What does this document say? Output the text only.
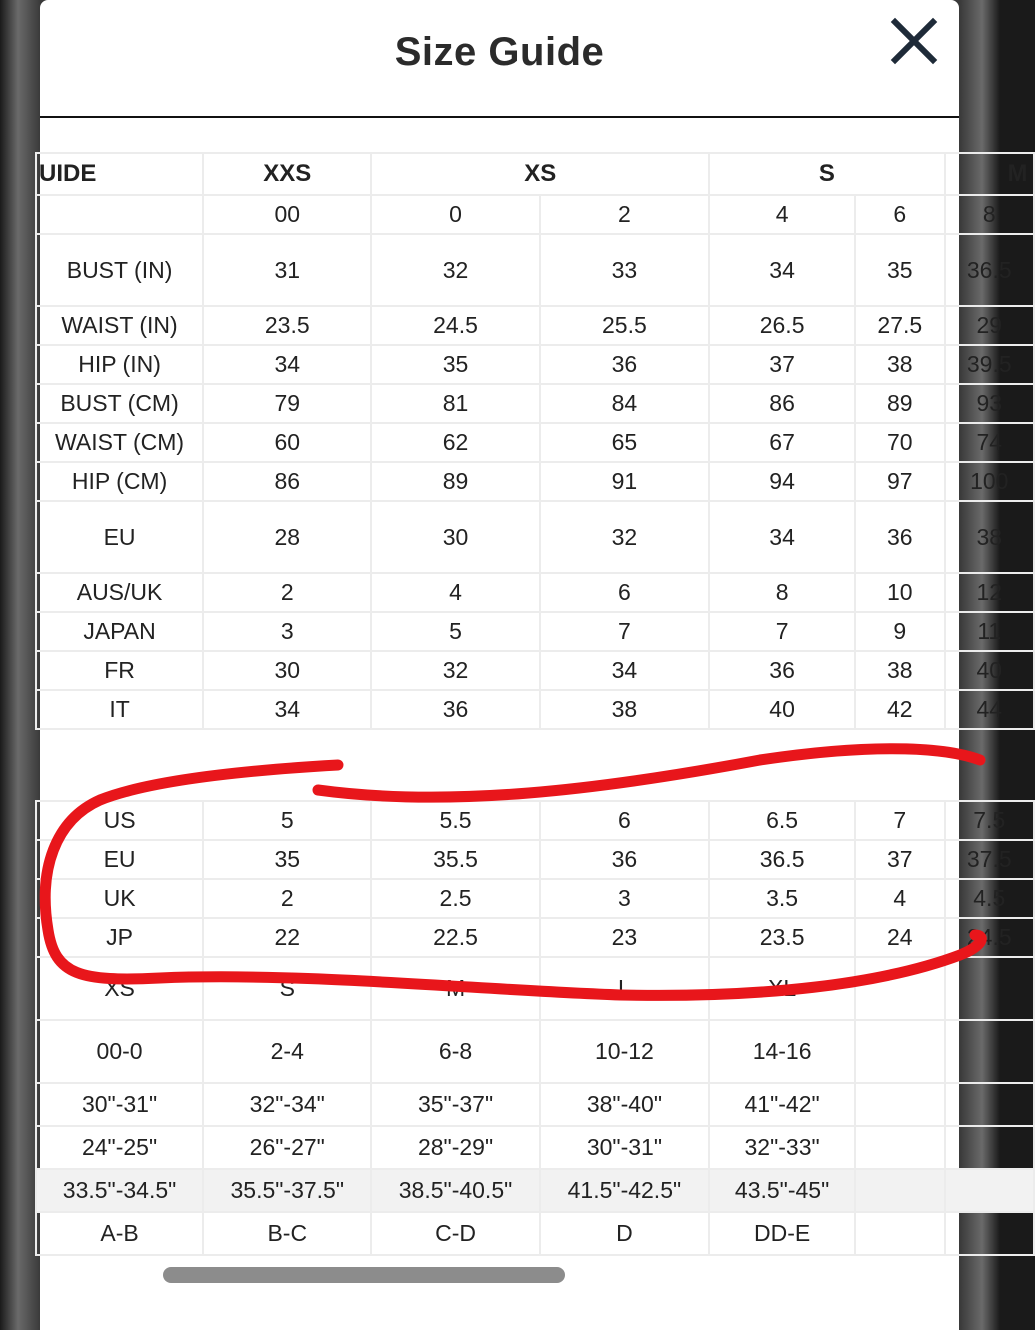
Size Guide
UIDE	XXS	XS		S		M
	00	0	2	4	6	8
BUST (IN)	31	32	33	34	35	36.5
WAIST (IN)	23.5	24.5	25.5	26.5	27.5	29
HIP (IN)	34	35	36	37	38	39.5
BUST (CM)	79	81	84	86	89	93
WAIST (CM)	60	62	65	67	70	74
HIP (CM)	86	89	91	94	97	100
EU	28	30	32	34	36	38
AUS/UK	2	4	6	8	10	12
JAPAN	3	5	7	7	9	11
FR	30	32	34	36	38	40
IT	34	36	38	40	42	44

US	5	5.5	6	6.5	7	7.5
EU	35	35.5	36	36.5	37	37.5
UK	2	2.5	3	3.5	4	4.5
JP	22	22.5	23	23.5	24	24.5
XS	S	M	L	XL		
00-0	2-4	6-8	10-12	14-16		
30"-31"	32"-34"	35"-37"	38"-40"	41"-42"		
24"-25"	26"-27"	28"-29"	30"-31"	32"-33"		
33.5"-34.5"	35.5"-37.5"	38.5"-40.5"	41.5"-42.5"	43.5"-45"		
A-B	B-C	C-D	D	DD-E		
